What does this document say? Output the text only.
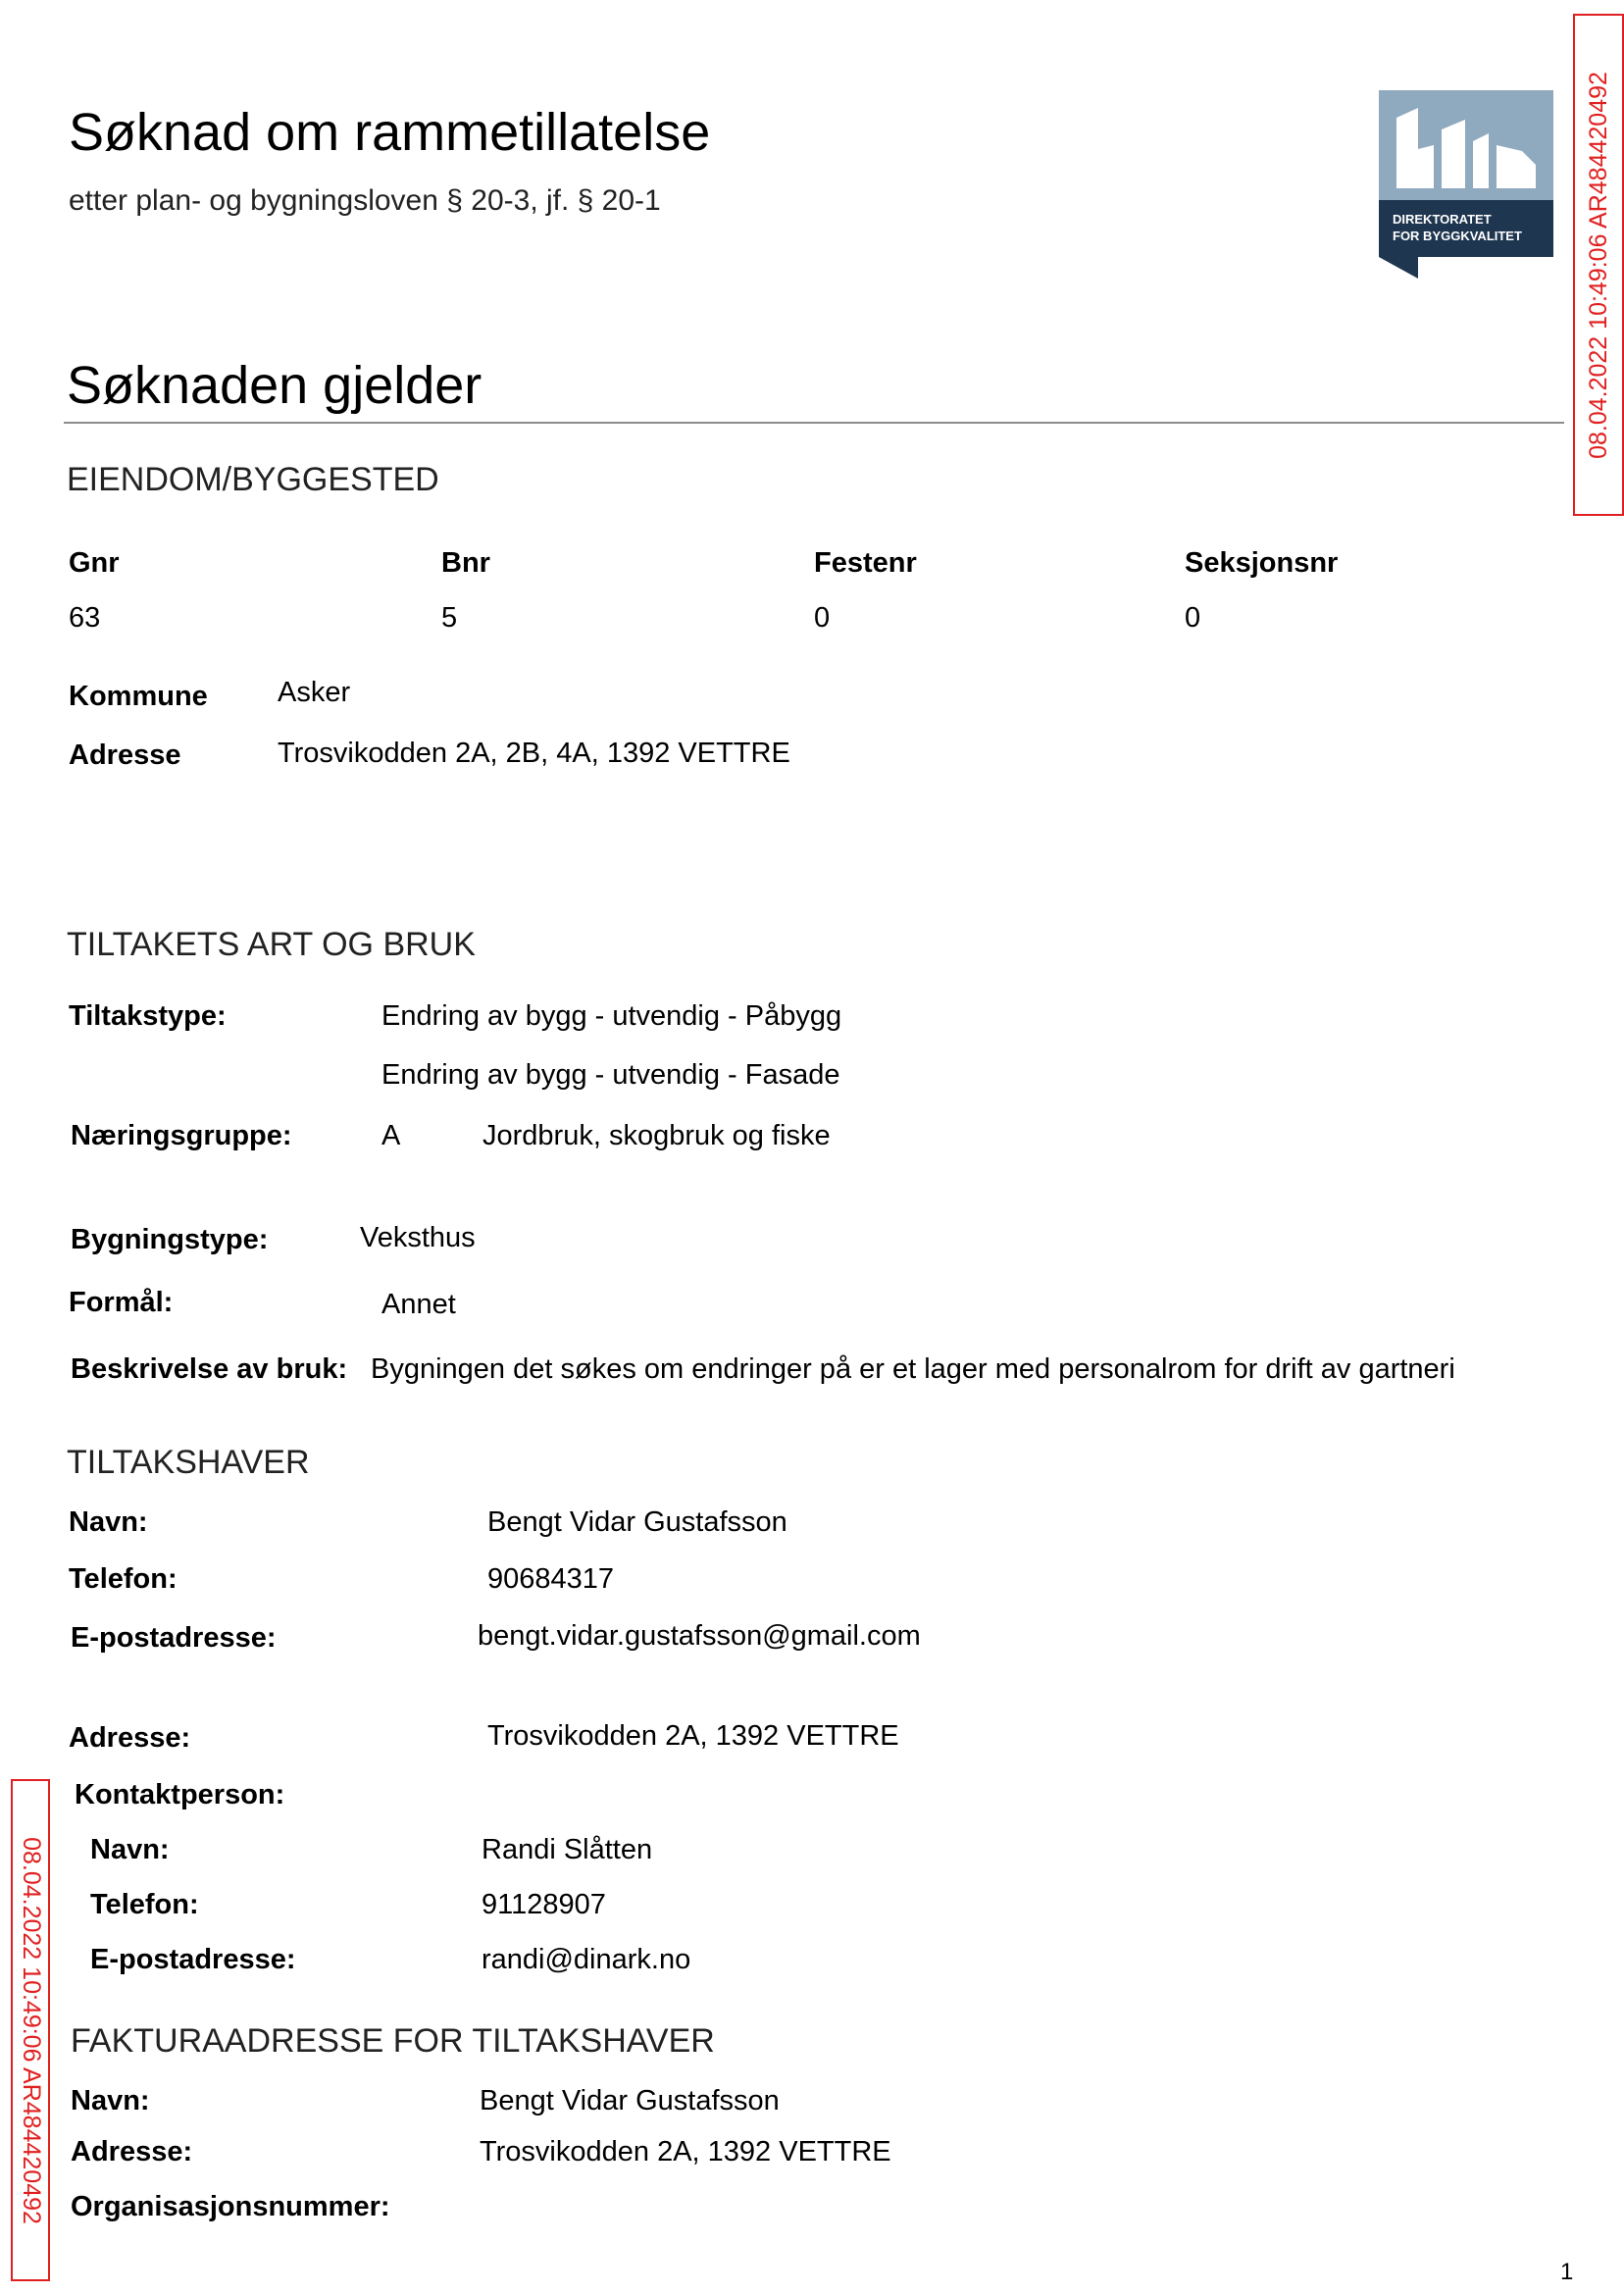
Søknad om rammetillatelse
etter plan- og bygningsloven § 20-3, jf. § 20-1
DIREKTORATET
FOR BYGGKVALITET	08.04.2022 10:49:06 AR484420492
08.04.2022 10:49:06 AR484420492
Søknaden gjelder
EIENDOM/BYGGESTED
Gnr	Bnr	Festenr	Seksjonsnr
63	5	0	0
Kommune Asker
Adresse	Trosvikodden 2A, 2B, 4A, 1392 VETTRE
TILTAKETS ART OG BRUK
Tiltakstype:	Endring av bygg - utvendig - Påbygg
Endring av bygg - utvendig - Fasade
Næringsgruppe:	A	Jordbruk, skogbruk og fiske
Bygningstype:	Veksthus
Formål:	Annet
Beskrivelse av bruk: Bygningen det søkes om endringer på er et lager med personalrom for drift av gartneri
TILTAKSHAVER
Navn:	Bengt Vidar Gustafsson
Telefon:	90684317
E-postadresse:	bengt.vidar.gustafsson@gmail.com
Adresse:	Trosvikodden 2A, 1392 VETTRE
Kontaktperson:
Navn:	Randi Slåtten
Telefon:	91128907
E-postadresse:	randi@dinark.no
FAKTURAADRESSE FOR TILTAKSHAVER
Navn:	Bengt Vidar Gustafsson
Adresse:	Trosvikodden 2A, 1392 VETTRE
Organisasjonsnummer:
1
